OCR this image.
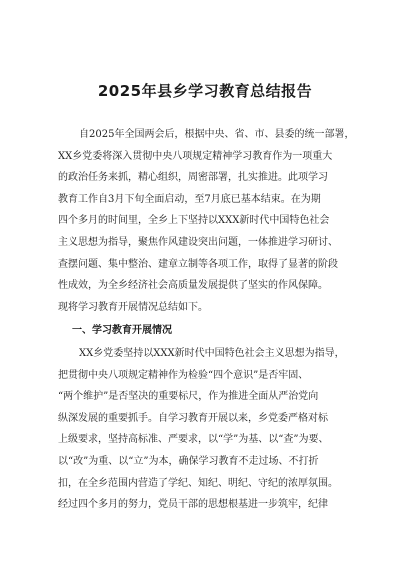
2025年县乡学习教育总结报告
自2025年全国两会后，根据中央、省、市、县委的统一部署，
XX乡党委将深入贯彻中央八项规定精神学习教育作为一项重大
的政治任务来抓，精心组织，周密部署，扎实推进。此项学习
教育工作自3月下旬全面启动，至7月底已基本结束。在为期
四个多月的时间里，全乡上下坚持以XXX新时代中国特色社会
主义思想为指导，聚焦作风建设突出问题，一体推进学习研讨、
查摆问题、集中整治、建章立制等各项工作，取得了显著的阶段
性成效，为全乡经济社会高质量发展提供了坚实的作风保障。
现将学习教育开展情况总结如下。
一、学习教育开展情况
XX乡党委坚持以XXX新时代中国特色社会主义思想为指导，
把贯彻中央八项规定精神作为检验“四个意识”是否牢固、
“两个维护”是否坚决的重要标尺，作为推进全面从严治党向
纵深发展的重要抓手。自学习教育开展以来，乡党委严格对标
上级要求，坚持高标准、严要求，以“学”为基、以“查”为要、
以“改”为重、以“立”为本，确保学习教育不走过场、不打折
扣，在全乡范围内营造了学纪、知纪、明纪、守纪的浓厚氛围。
经过四个多月的努力，党员干部的思想根基进一步筑牢，纪律
